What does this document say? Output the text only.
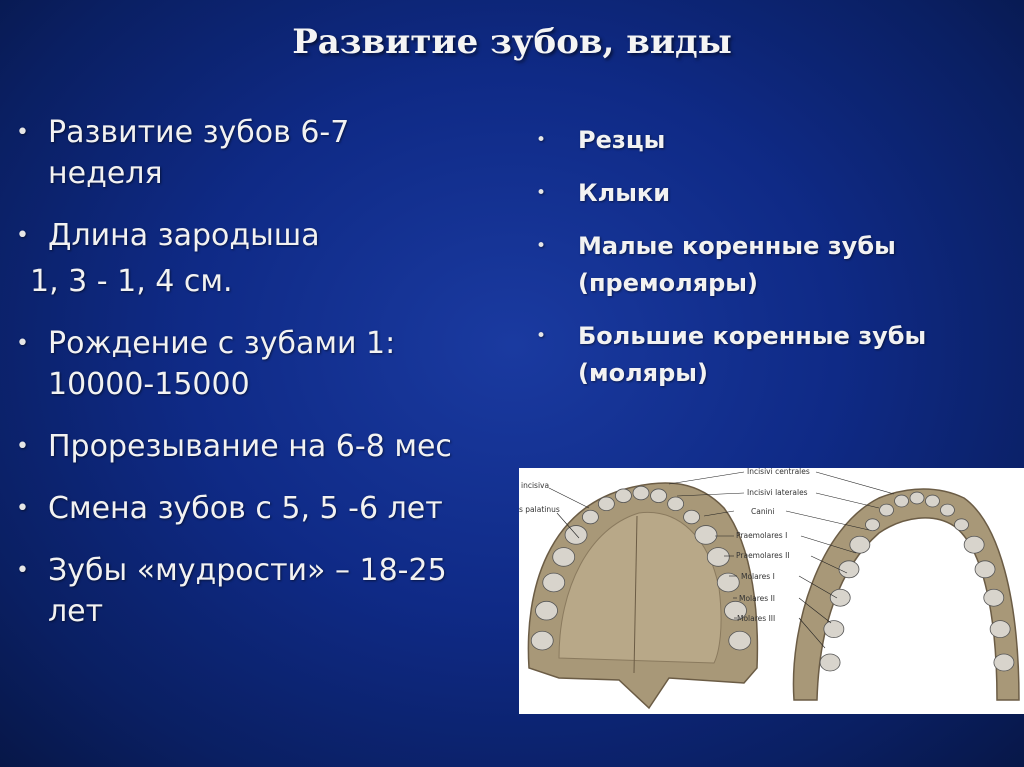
Развитие зубов, виды
• Развитие зубов 6-7
неделя
• Длина зародыша
1, 3 - 1, 4 см.
• Рождение с зубами 1:
10000-15000
• Прорезывание на 6-8 мес
• Смена зубов с 5, 5 -6 лет
• Зубы «мудрости» – 18-25
лет
• Резцы
• Клыки
• Малые коренные зубы
(премоляры)
• Большие коренные зубы
(моляры)
Incisivi centrales
Incisivi laterales
Canini
Praemolares I
Praemolares II
Molares I
Molares II
Molares III
incisiva
s palatinus
